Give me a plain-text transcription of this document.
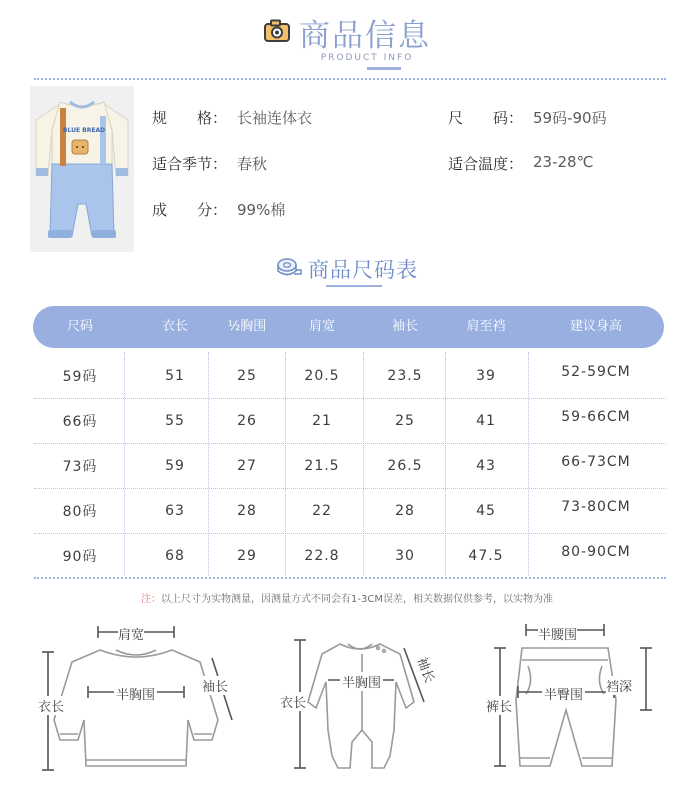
商品信息
PRODUCT INFO
BLUE BREAD
规　　格： 长袖连体衣	尺　　码： 59码-90码
适合季节： 春秋	适合温度： 23-28℃
成　　分： 99%棉
商品尺码表
尺码	衣长	½胸围	肩宽	袖长	肩至裆	建议身高
59码	51	25	20.5	23.5	39	52-59CM
66码	55	26	21	25	41	59-66CM
73码	59	27	21.5	26.5	43	66-73CM
80码	63	28	22	28	45	73-80CM
90码	68	29	22.8	30	47.5	80-90CM
注：以上尺寸为实物测量，因测量方式不同会有1-3CM误差，相关数据仅供参考，以实物为准
肩宽
衣长
半胸围
袖长
衣长
半胸围	袖长
半腰围
裤长
半臀围
裆深
